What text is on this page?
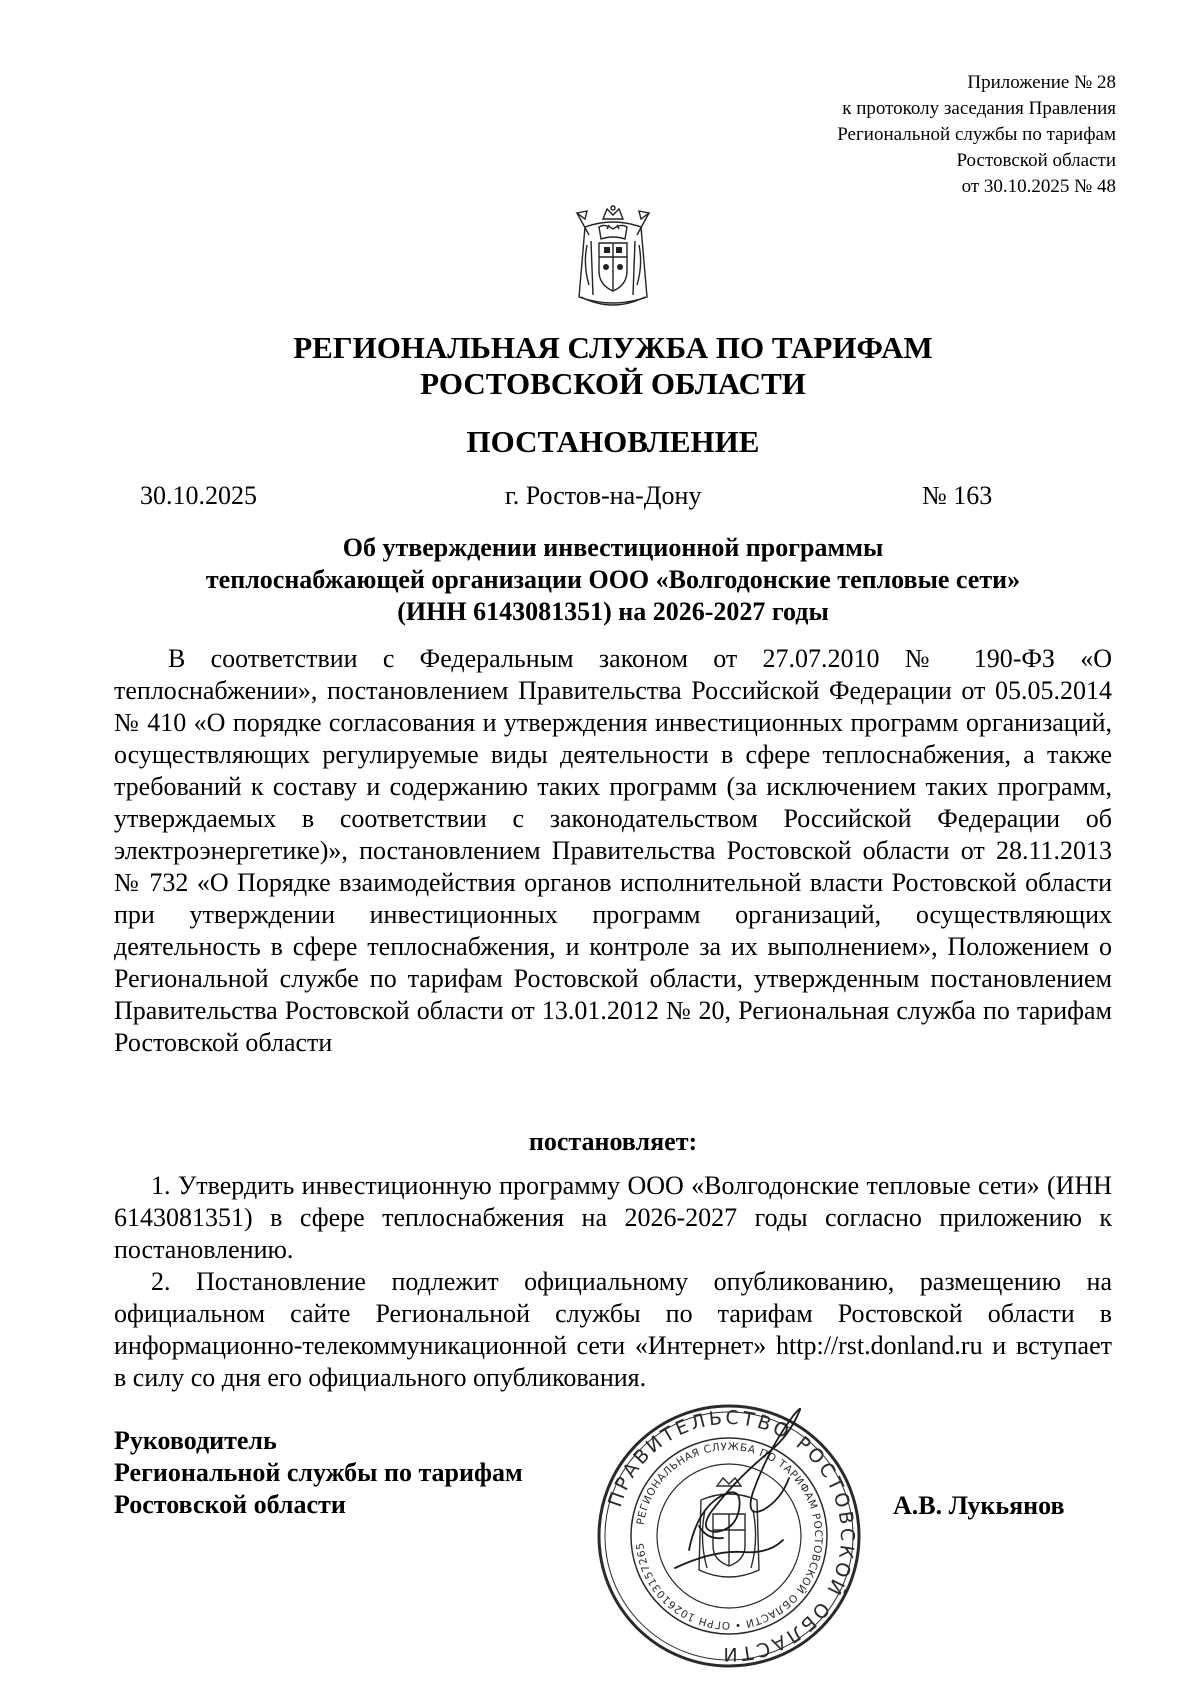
Приложение № 28
к протоколу заседания Правления
Региональной службы по тарифам
Ростовской области
от 30.10.2025 № 48
РЕГИОНАЛЬНАЯ СЛУЖБА ПО ТАРИФАМ
РОСТОВСКОЙ ОБЛАСТИ
ПОСТАНОВЛЕНИЕ
30.10.2025	г. Ростов-на-Дону	№ 163
Об утверждении инвестиционной программы
теплоснабжающей организации ООО «Волгодонские тепловые сети»
(ИНН 6143081351) на 2026-2027 годы
В соответствии с Федеральным законом от 27.07.2010 № 190-ФЗ «О теплоснабжении», постановлением Правительства Российской Федерации от 05.05.2014 № 410 «О порядке согласования и утверждения инвестиционных программ организаций, осуществляющих регулируемые виды деятельности в сфере теплоснабжения, а также требований к составу и содержанию таких программ (за исключением таких программ, утверждаемых в соответствии с законодательством Российской Федерации об электроэнергетике)», постановлением Правительства Ростовской области от 28.11.2013 № 732 «О Порядке взаимодействия органов исполнительной власти Ростовской области при утверждении инвестиционных программ организаций, осуществляющих деятельность в сфере теплоснабжения, и контроле за их выполнением», Положением о Региональной службе по тарифам Ростовской области, утвержденным постановлением Правительства Ростовской области от 13.01.2012 № 20, Региональная служба по тарифам Ростовской области
постановляет:

1. Утвердить инвестиционную программу ООО «Волгодонские тепловые сети» (ИНН 6143081351) в сфере теплоснабжения на 2026-2027 годы согласно приложению к постановлению.

2. Постановление подлежит официальному опубликованию, размещению на официальном сайте Региональной службы по тарифам Ростовской области в информационно-телекоммуникационной сети «Интернет» http://rst.donland.ru и вступает в силу со дня его официального опубликования.

Руководитель
Региональной службы по тарифам
Ростовской области	ПРАВИТЕЛЬСТВО РОСТОВСКОЙ ОБЛАСТИ
РЕГИОНАЛЬНАЯ СЛУЖБА ПО ТАРИФАМ РОСТОВСКОЙ ОБЛАСТИ • ОГРН 1026103157265
А.В. Лукьянов
